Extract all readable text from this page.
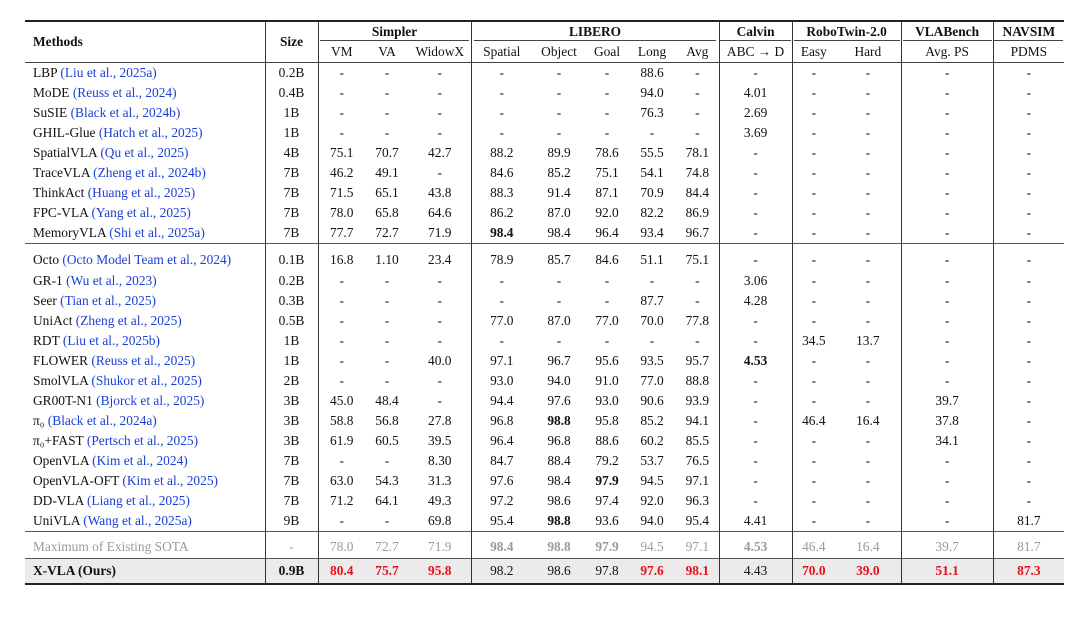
Methods	Size	Simpler			LIBERO					Calvin	RoboTwin-2.0		VLABench	NAVSIM
		VM	VA	WidowX	Spatial	Object	Goal	Long	Avg	ABC → D	Easy	Hard	Avg. PS	PDMS
LBP (Liu et al., 2025a)	0.2B	-	-	-	-	-	-	88.6	-	-	-	-	-	-
MoDE (Reuss et al., 2024)	0.4B	-	-	-	-	-	-	94.0	-	4.01	-	-	-	-
SuSIE (Black et al., 2024b)	1B	-	-	-	-	-	-	76.3	-	2.69	-	-	-	-
GHIL-Glue (Hatch et al., 2025)	1B	-	-	-	-	-	-	-	-	3.69	-	-	-	-
SpatialVLA (Qu et al., 2025)	4B	75.1	70.7	42.7	88.2	89.9	78.6	55.5	78.1	-	-	-	-	-
TraceVLA (Zheng et al., 2024b)	7B	46.2	49.1	-	84.6	85.2	75.1	54.1	74.8	-	-	-	-	-
ThinkAct (Huang et al., 2025)	7B	71.5	65.1	43.8	88.3	91.4	87.1	70.9	84.4	-	-	-	-	-
FPC-VLA (Yang et al., 2025)	7B	78.0	65.8	64.6	86.2	87.0	92.0	82.2	86.9	-	-	-	-	-
MemoryVLA (Shi et al., 2025a)	7B	77.7	72.7	71.9	98.4	98.4	96.4	93.4	96.7	-	-	-	-	-
Octo (Octo Model Team et al., 2024)	0.1B	16.8	1.10	23.4	78.9	85.7	84.6	51.1	75.1	-	-	-	-	-
GR-1 (Wu et al., 2023)	0.2B	-	-	-	-	-	-	-	-	3.06	-	-	-	-
Seer (Tian et al., 2025)	0.3B	-	-	-	-	-	-	87.7	-	4.28	-	-	-	-
UniAct (Zheng et al., 2025)	0.5B	-	-	-	77.0	87.0	77.0	70.0	77.8	-	-	-	-	-
RDT (Liu et al., 2025b)	1B	-	-	-	-	-	-	-	-	-	34.5	13.7	-	-
FLOWER (Reuss et al., 2025)	1B	-	-	40.0	97.1	96.7	95.6	93.5	95.7	4.53	-	-	-	-
SmolVLA (Shukor et al., 2025)	2B	-	-	-	93.0	94.0	91.0	77.0	88.8	-	-	-	-	-
GR00T-N1 (Bjorck et al., 2025)	3B	45.0	48.4	-	94.4	97.6	93.0	90.6	93.9	-	-	-	39.7	-
π₀ (Black et al., 2024a)	3B	58.8	56.8	27.8	96.8	98.8	95.8	85.2	94.1	-	46.4	16.4	37.8	-
π₀+FAST (Pertsch et al., 2025)	3B	61.9	60.5	39.5	96.4	96.8	88.6	60.2	85.5	-	-	-	34.1	-
OpenVLA (Kim et al., 2024)	7B	-	-	8.30	84.7	88.4	79.2	53.7	76.5	-	-	-	-	-
OpenVLA-OFT (Kim et al., 2025)	7B	63.0	54.3	31.3	97.6	98.4	97.9	94.5	97.1	-	-	-	-	-
DD-VLA (Liang et al., 2025)	7B	71.2	64.1	49.3	97.2	98.6	97.4	92.0	96.3	-	-	-	-	-
UniVLA (Wang et al., 2025a)	9B	-	-	69.8	95.4	98.8	93.6	94.0	95.4	4.41	-	-	-	81.7
Maximum of Existing SOTA	-	78.0	72.7	71.9	98.4	98.8	97.9	94.5	97.1	4.53	46.4	16.4	39.7	81.7
X-VLA (Ours)	0.9B	80.4	75.7	95.8	98.2	98.6	97.8	97.6	98.1	4.43	70.0	39.0	51.1	87.3
